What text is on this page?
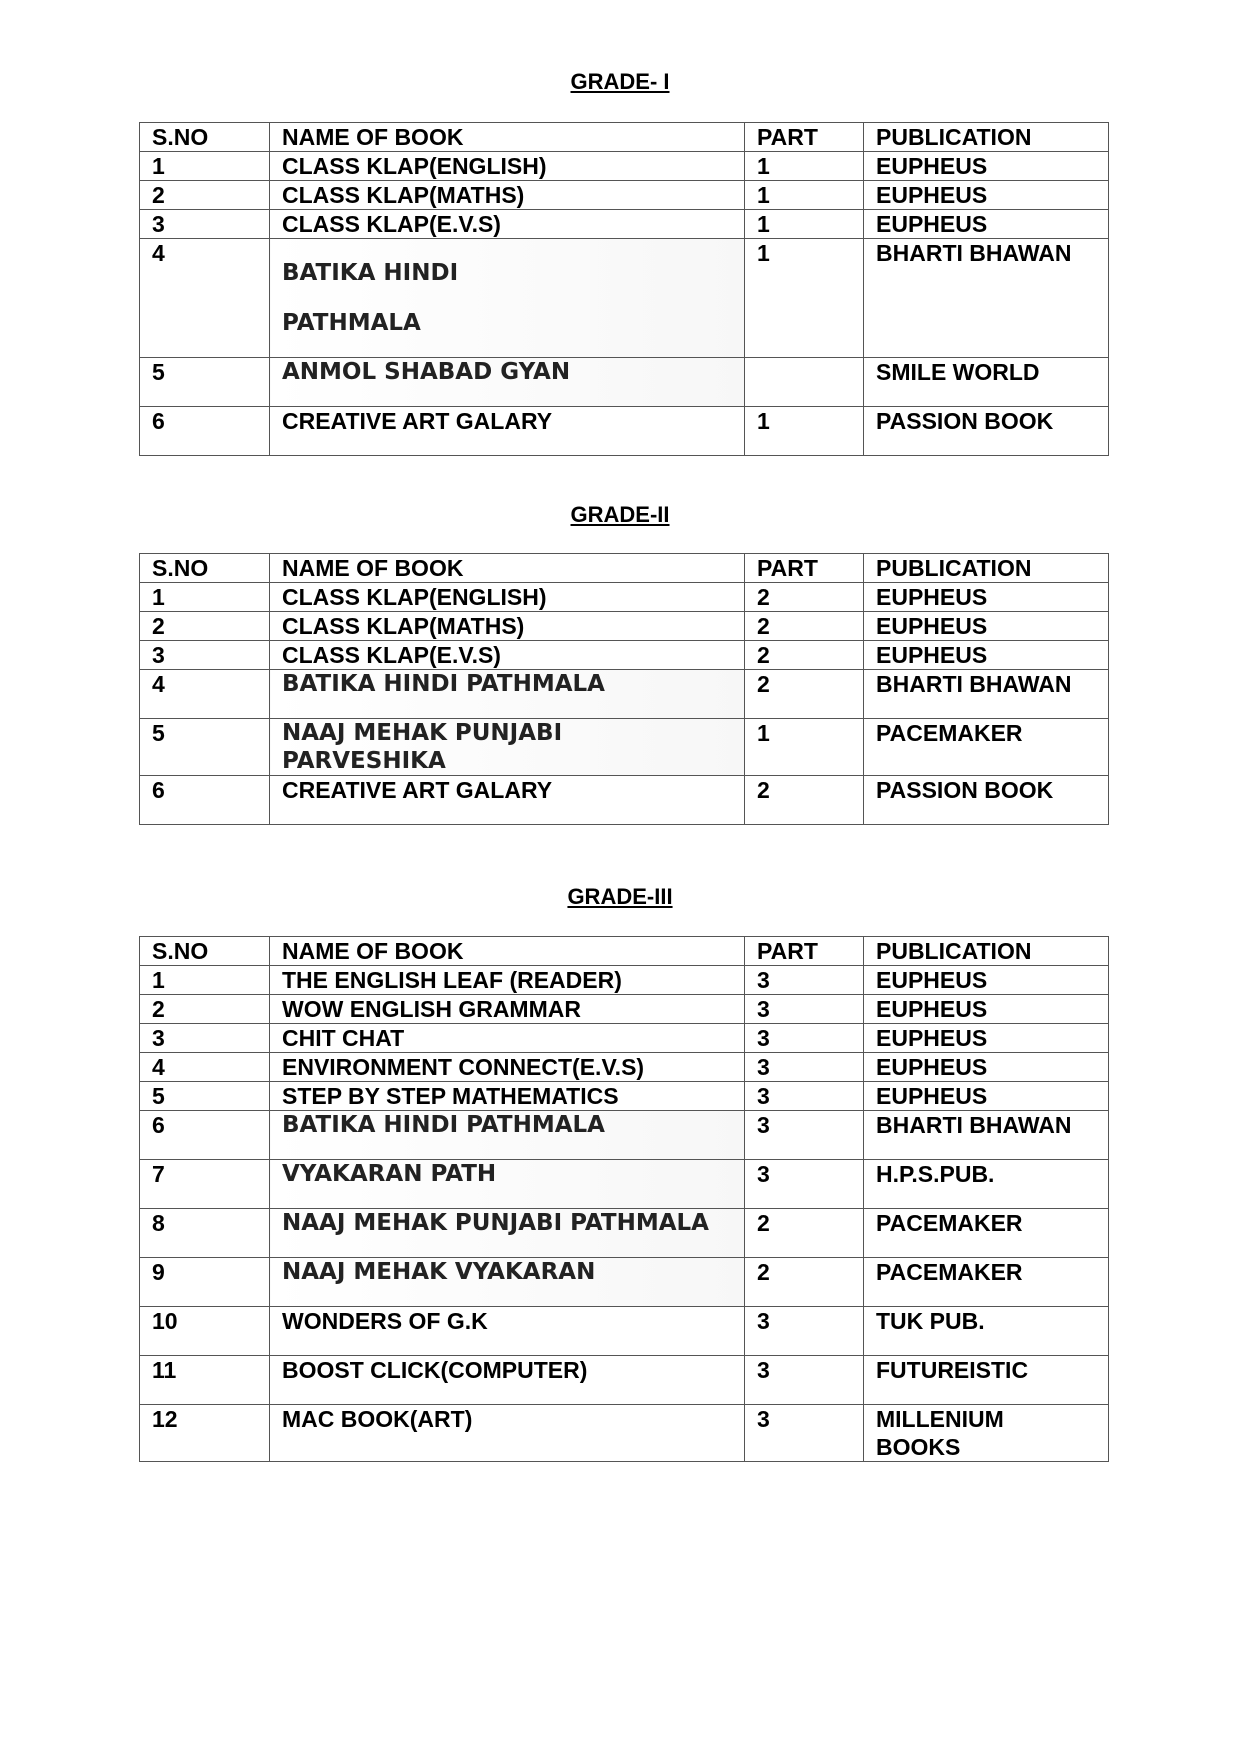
GRADE- I
S.NO	NAME OF BOOK	PART	PUBLICATION
1	CLASS KLAP(ENGLISH)	1	EUPHEUS
2	CLASS KLAP(MATHS)	1	EUPHEUS
3	CLASS KLAP(E.V.S)	1	EUPHEUS
4	BATIKA HINDI
PATHMALA	1	BHARTI BHAWAN
5	ANMOL SHABAD GYAN		SMILE WORLD
6	CREATIVE ART GALARY	1	PASSION BOOK
GRADE-II
S.NO	NAME OF BOOK	PART	PUBLICATION
1	CLASS KLAP(ENGLISH)	2	EUPHEUS
2	CLASS KLAP(MATHS)	2	EUPHEUS
3	CLASS KLAP(E.V.S)	2	EUPHEUS
4	BATIKA HINDI PATHMALA	2	BHARTI BHAWAN
5	NAAJ MEHAK PUNJABI PARVESHIKA	1	PACEMAKER
6	CREATIVE ART GALARY	2	PASSION BOOK
GRADE-III
S.NO	NAME OF BOOK	PART	PUBLICATION
1	THE ENGLISH LEAF (READER)	3	EUPHEUS
2	WOW ENGLISH GRAMMAR	3	EUPHEUS
3	CHIT CHAT	3	EUPHEUS
4	ENVIRONMENT CONNECT(E.V.S)	3	EUPHEUS
5	STEP BY STEP MATHEMATICS	3	EUPHEUS
6	BATIKA HINDI PATHMALA	3	BHARTI BHAWAN
7	VYAKARAN PATH	3	H.P.S.PUB.
8	NAAJ MEHAK PUNJABI PATHMALA	2	PACEMAKER
9	NAAJ MEHAK VYAKARAN	2	PACEMAKER
10	WONDERS OF G.K	3	TUK PUB.
11	BOOST CLICK(COMPUTER)	3	FUTUREISTIC
12	MAC BOOK(ART)	3	MILLENIUM
BOOKS
